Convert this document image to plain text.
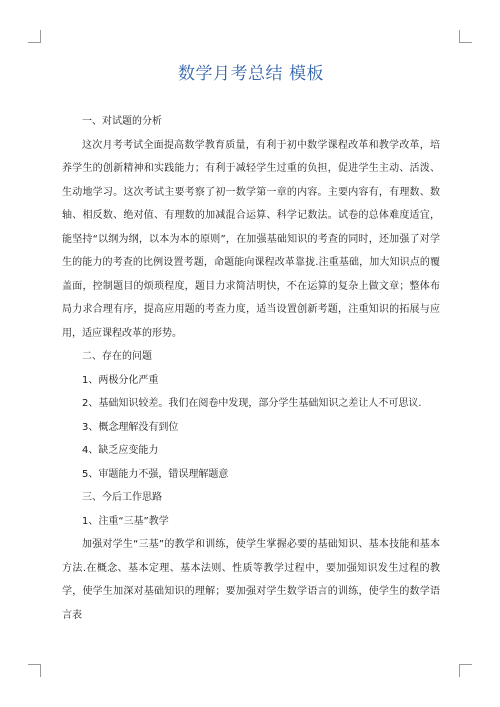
数学月考总结 模板

一、对试题的分析

这次月考考试全面提高数学教育质量，有利于初中数学课程改革和教学改革，培养学生的创新精神和实践能力；有利于减轻学生过重的负担，促进学生主动、活泼、生动地学习。这次考试主要考察了初一数学第一章的内容。主要内容有，有理数、数轴、相反数、绝对值、有理数的加减混合运算、科学记数法。试卷的总体难度适宜，能坚持“以纲为纲，以本为本的原则”，在加强基础知识的考查的同时，还加强了对学生的能力的考查的比例设置考题，命题能向课程改革靠拢.注重基础，加大知识点的覆盖面，控制题目的烦琐程度，题目力求简洁明快，不在运算的复杂上做文章；整体布局力求合理有序，提高应用题的考查力度，适当设置创新考题，注重知识的拓展与应用，适应课程改革的形势。

二、存在的问题

1、两极分化严重

2、基础知识较差。我们在阅卷中发现，部分学生基础知识之差让人不可思议.

3、概念理解没有到位

4、缺乏应变能力

5、审题能力不强，错误理解题意

三、今后工作思路

1、注重“三基”教学

加强对学生“三基”的教学和训练，使学生掌握必要的基础知识、基本技能和基本方法.在概念、基本定理、基本法则、性质等教学过程中，要加强知识发生过程的教学，使学生加深对基础知识的理解；要加强对学生数学语言的训练，使学生的数学语言表
